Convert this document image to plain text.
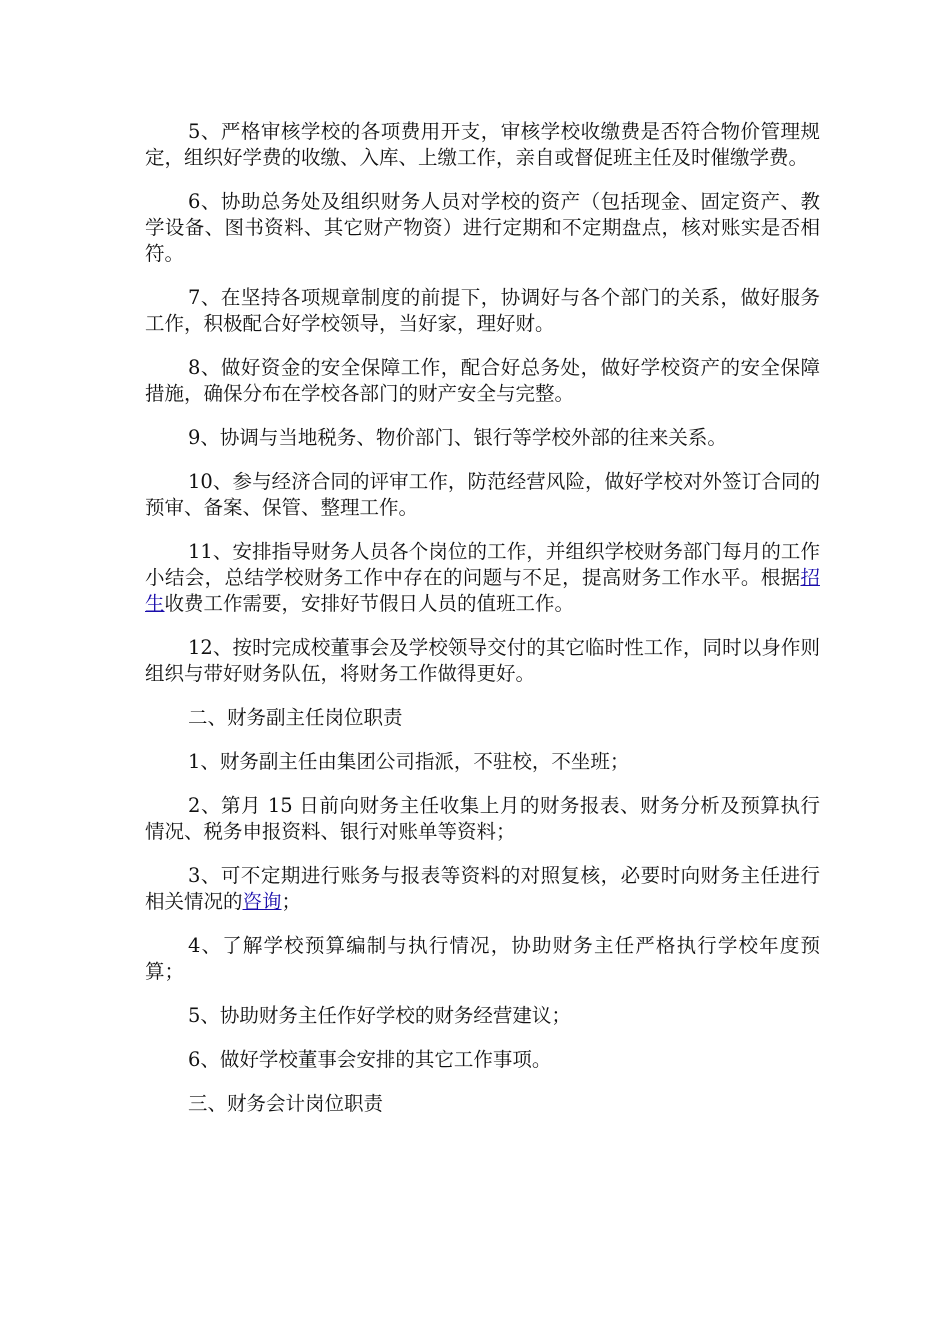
5、严格审核学校的各项费用开支，审核学校收缴费是否符合物价管理规定，组织好学费的收缴、入库、上缴工作，亲自或督促班主任及时催缴学费。

6、协助总务处及组织财务人员对学校的资产（包括现金、固定资产、教学设备、图书资料、其它财产物资）进行定期和不定期盘点，核对账实是否相符。

7、在坚持各项规章制度的前提下，协调好与各个部门的关系，做好服务工作，积极配合好学校领导，当好家，理好财。

8、做好资金的安全保障工作，配合好总务处，做好学校资产的安全保障措施，确保分布在学校各部门的财产安全与完整。

9、协调与当地税务、物价部门、银行等学校外部的往来关系。

10、参与经济合同的评审工作，防范经营风险，做好学校对外签订合同的预审、备案、保管、整理工作。

11、安排指导财务人员各个岗位的工作，并组织学校财务部门每月的工作小结会，总结学校财务工作中存在的问题与不足，提高财务工作水平。根据招生收费工作需要，安排好节假日人员的值班工作。

12、按时完成校董事会及学校领导交付的其它临时性工作，同时以身作则组织与带好财务队伍，将财务工作做得更好。

二、财务副主任岗位职责

1、财务副主任由集团公司指派，不驻校，不坐班；

2、第月 15 日前向财务主任收集上月的财务报表、财务分析及预算执行情况、税务申报资料、银行对账单等资料；

3、可不定期进行账务与报表等资料的对照复核，必要时向财务主任进行相关情况的咨询；

4、了解学校预算编制与执行情况，协助财务主任严格执行学校年度预算；

5、协助财务主任作好学校的财务经营建议；

6、做好学校董事会安排的其它工作事项。

三、财务会计岗位职责
